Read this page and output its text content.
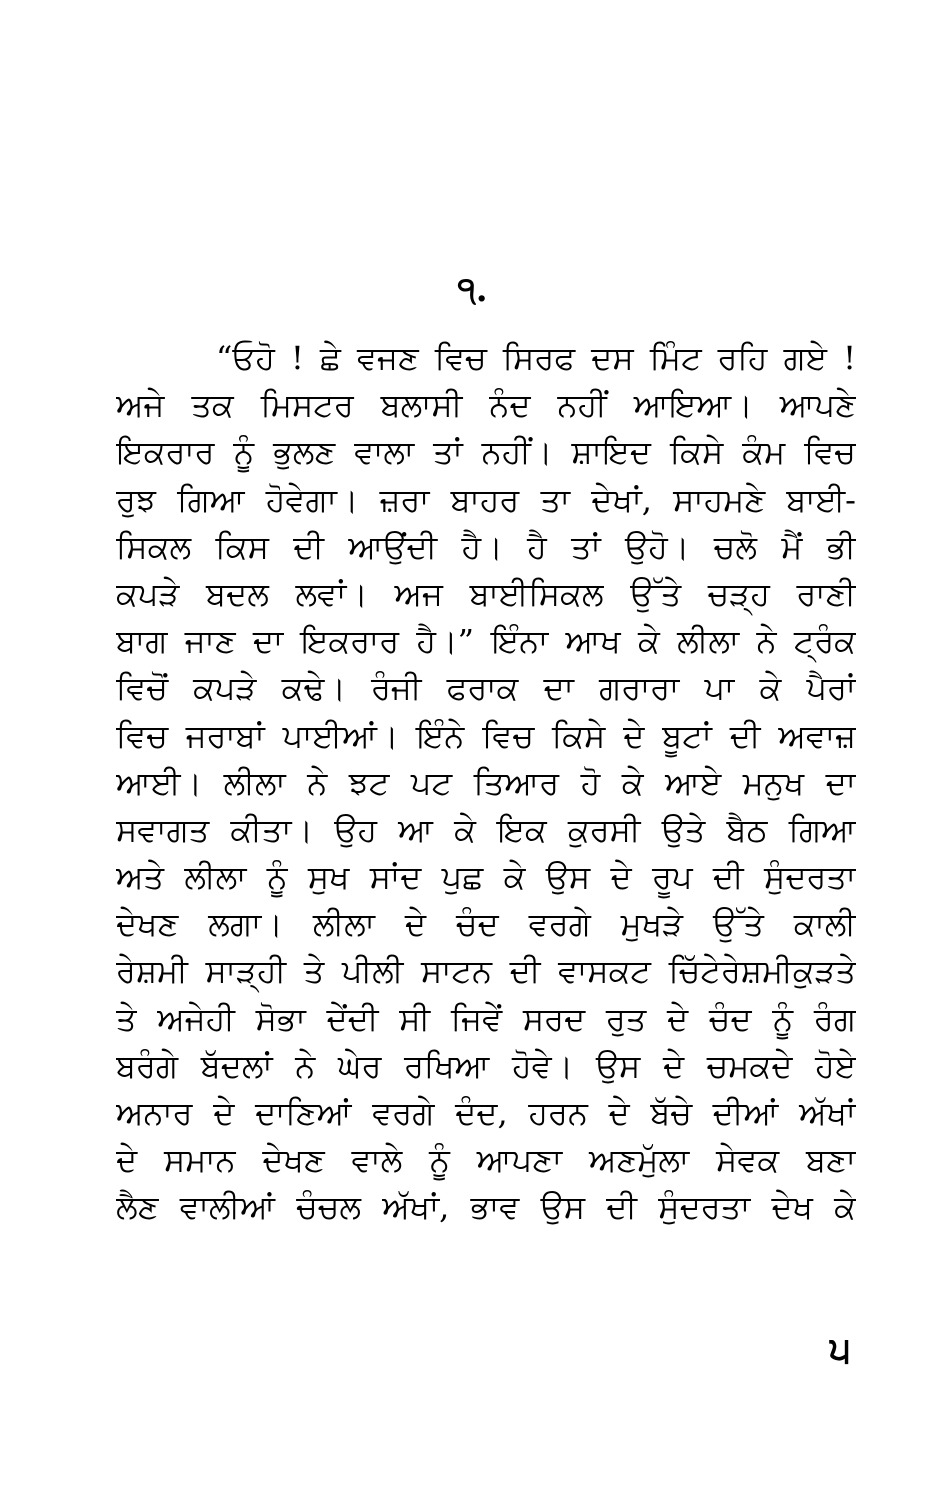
੧.
“ਓਹੋ ! ਛੇ ਵਜਣ ਵਿਚ ਸਿਰਫ ਦਸ ਮਿੰਟ ਰਹਿ ਗਏ !
ਅਜੇ ਤਕ ਮਿਸਟਰ ਬਲਾਸੀ ਨੰਦ ਨਹੀਂ ਆਇਆ। ਆਪਣੇ
ਇਕਰਾਰ ਨੂੰ ਭੁਲਣ ਵਾਲਾ ਤਾਂ ਨਹੀਂ। ਸ਼ਾਇਦ ਕਿਸੇ ਕੰਮ ਵਿਚ
ਰੁਝ ਗਿਆ ਹੋਵੇਗਾ। ਜ਼ਰਾ ਬਾਹਰ ਤਾ ਦੇਖਾਂ, ਸਾਹਮਣੇ ਬਾਈ-
ਸਿਕਲ ਕਿਸ ਦੀ ਆਉਂਦੀ ਹੈ। ਹੈ ਤਾਂ ਉਹੋ। ਚਲੋ ਮੈਂ ਭੀ
ਕਪੜੇ ਬਦਲ ਲਵਾਂ। ਅਜ ਬਾਈਸਿਕਲ ਉੱਤੇ ਚੜ੍ਹ ਰਾਣੀ
ਬਾਗ ਜਾਣ ਦਾ ਇਕਰਾਰ ਹੈ।” ਇੰਨਾ ਆਖ ਕੇ ਲੀਲਾ ਨੇ ਟ੍ਰੰਕ
ਵਿਚੋਂ ਕਪੜੇ ਕਢੇ। ਰੰਜੀ ਫਰਾਕ ਦਾ ਗਰਾਰਾ ਪਾ ਕੇ ਪੈਰਾਂ
ਵਿਚ ਜਰਾਬਾਂ ਪਾਈਆਂ। ਇੰਨੇ ਵਿਚ ਕਿਸੇ ਦੇ ਬੂਟਾਂ ਦੀ ਅਵਾਜ਼
ਆਈ। ਲੀਲਾ ਨੇ ਝਟ ਪਟ ਤਿਆਰ ਹੋ ਕੇ ਆਏ ਮਨੁਖ ਦਾ
ਸਵਾਗਤ ਕੀਤਾ। ਉਹ ਆ ਕੇ ਇਕ ਕੁਰਸੀ ਉਤੇ ਬੈਠ ਗਿਆ
ਅਤੇ ਲੀਲਾ ਨੂੰ ਸੁਖ ਸਾਂਦ ਪੁਛ ਕੇ ਉਸ ਦੇ ਰੂਪ ਦੀ ਸੁੰਦਰਤਾ
ਦੇਖਣ ਲਗਾ। ਲੀਲਾ ਦੇ ਚੰਦ ਵਰਗੇ ਮੁਖੜੇ ਉੱਤੇ ਕਾਲੀ
ਰੇਸ਼ਮੀ ਸਾੜ੍ਹੀ ਤੇ ਪੀਲੀ ਸਾਟਨ ਦੀ ਵਾਸਕਟ ਚਿੱਟੇਰੇਸ਼ਮੀਕੁੜਤੇ
ਤੇ ਅਜੇਹੀ ਸੋਭਾ ਦੇਂਦੀ ਸੀ ਜਿਵੇਂ ਸਰਦ ਰੁਤ ਦੇ ਚੰਦ ਨੂੰ ਰੰਗ
ਬਰੰਗੇ ਬੱਦਲਾਂ ਨੇ ਘੇਰ ਰਖਿਆ ਹੋਵੇ। ਉਸ ਦੇ ਚਮਕਦੇ ਹੋਏ
ਅਨਾਰ ਦੇ ਦਾਣਿਆਂ ਵਰਗੇ ਦੰਦ, ਹਰਨ ਦੇ ਬੱਚੇ ਦੀਆਂ ਅੱਖਾਂ
ਦੇ ਸਮਾਨ ਦੇਖਣ ਵਾਲੇ ਨੂੰ ਆਪਣਾ ਅਣਮੁੱਲਾ ਸੇਵਕ ਬਣਾ
ਲੈਣ ਵਾਲੀਆਂ ਚੰਚਲ ਅੱਖਾਂ, ਭਾਵ ਉਸ ਦੀ ਸੁੰਦਰਤਾ ਦੇਖ ਕੇ
੫
